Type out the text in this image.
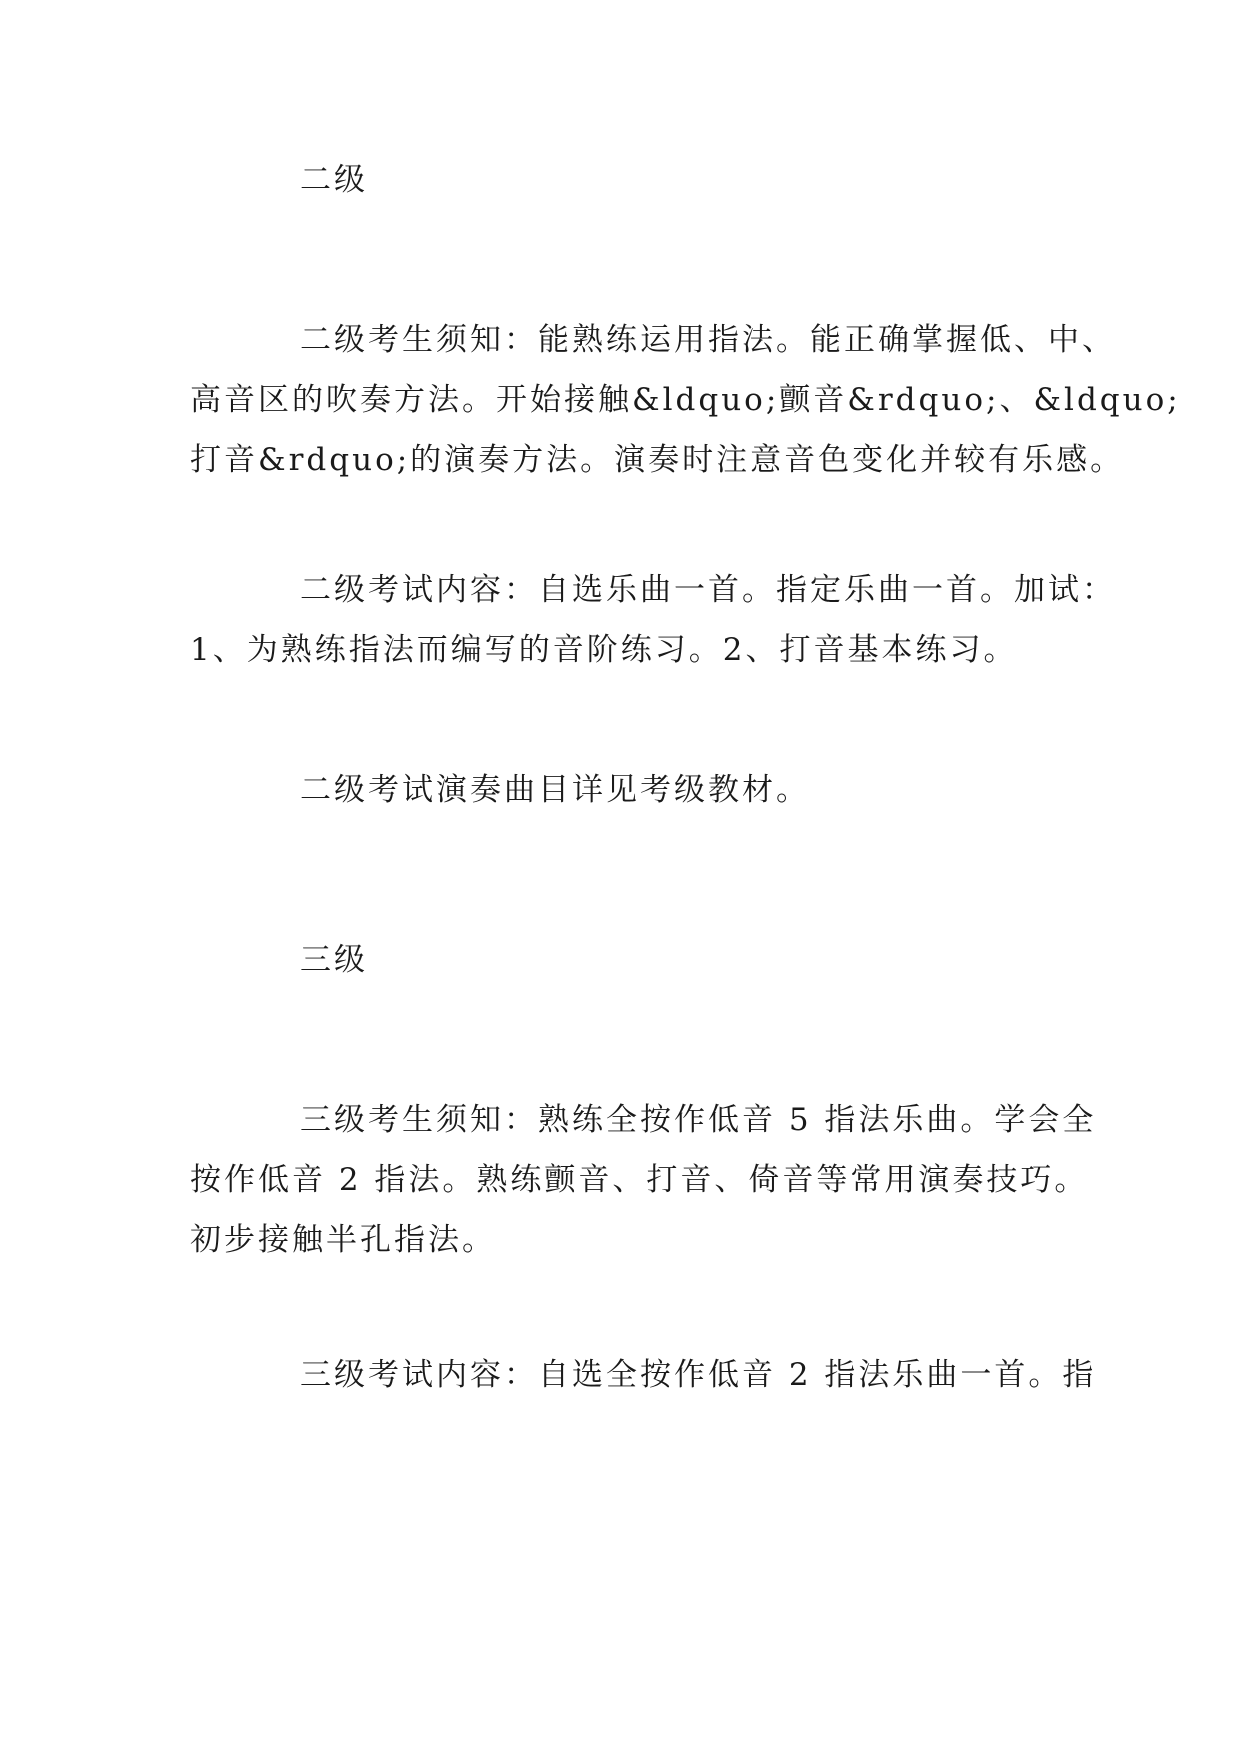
二级
二级考生须知：能熟练运用指法。能正确掌握低、中、
高音区的吹奏方法。开始接触&ldquo;颤音&rdquo;、&ldquo;
打音&rdquo;的演奏方法。演奏时注意音色变化并较有乐感。
二级考试内容：自选乐曲一首。指定乐曲一首。加试：
1、为熟练指法而编写的音阶练习。2、打音基本练习。
二级考试演奏曲目详见考级教材。
三级
三级考生须知：熟练全按作低音 5 指法乐曲。学会全
按作低音 2 指法。熟练颤音、打音、倚音等常用演奏技巧。
初步接触半孔指法。
三级考试内容：自选全按作低音 2 指法乐曲一首。指
